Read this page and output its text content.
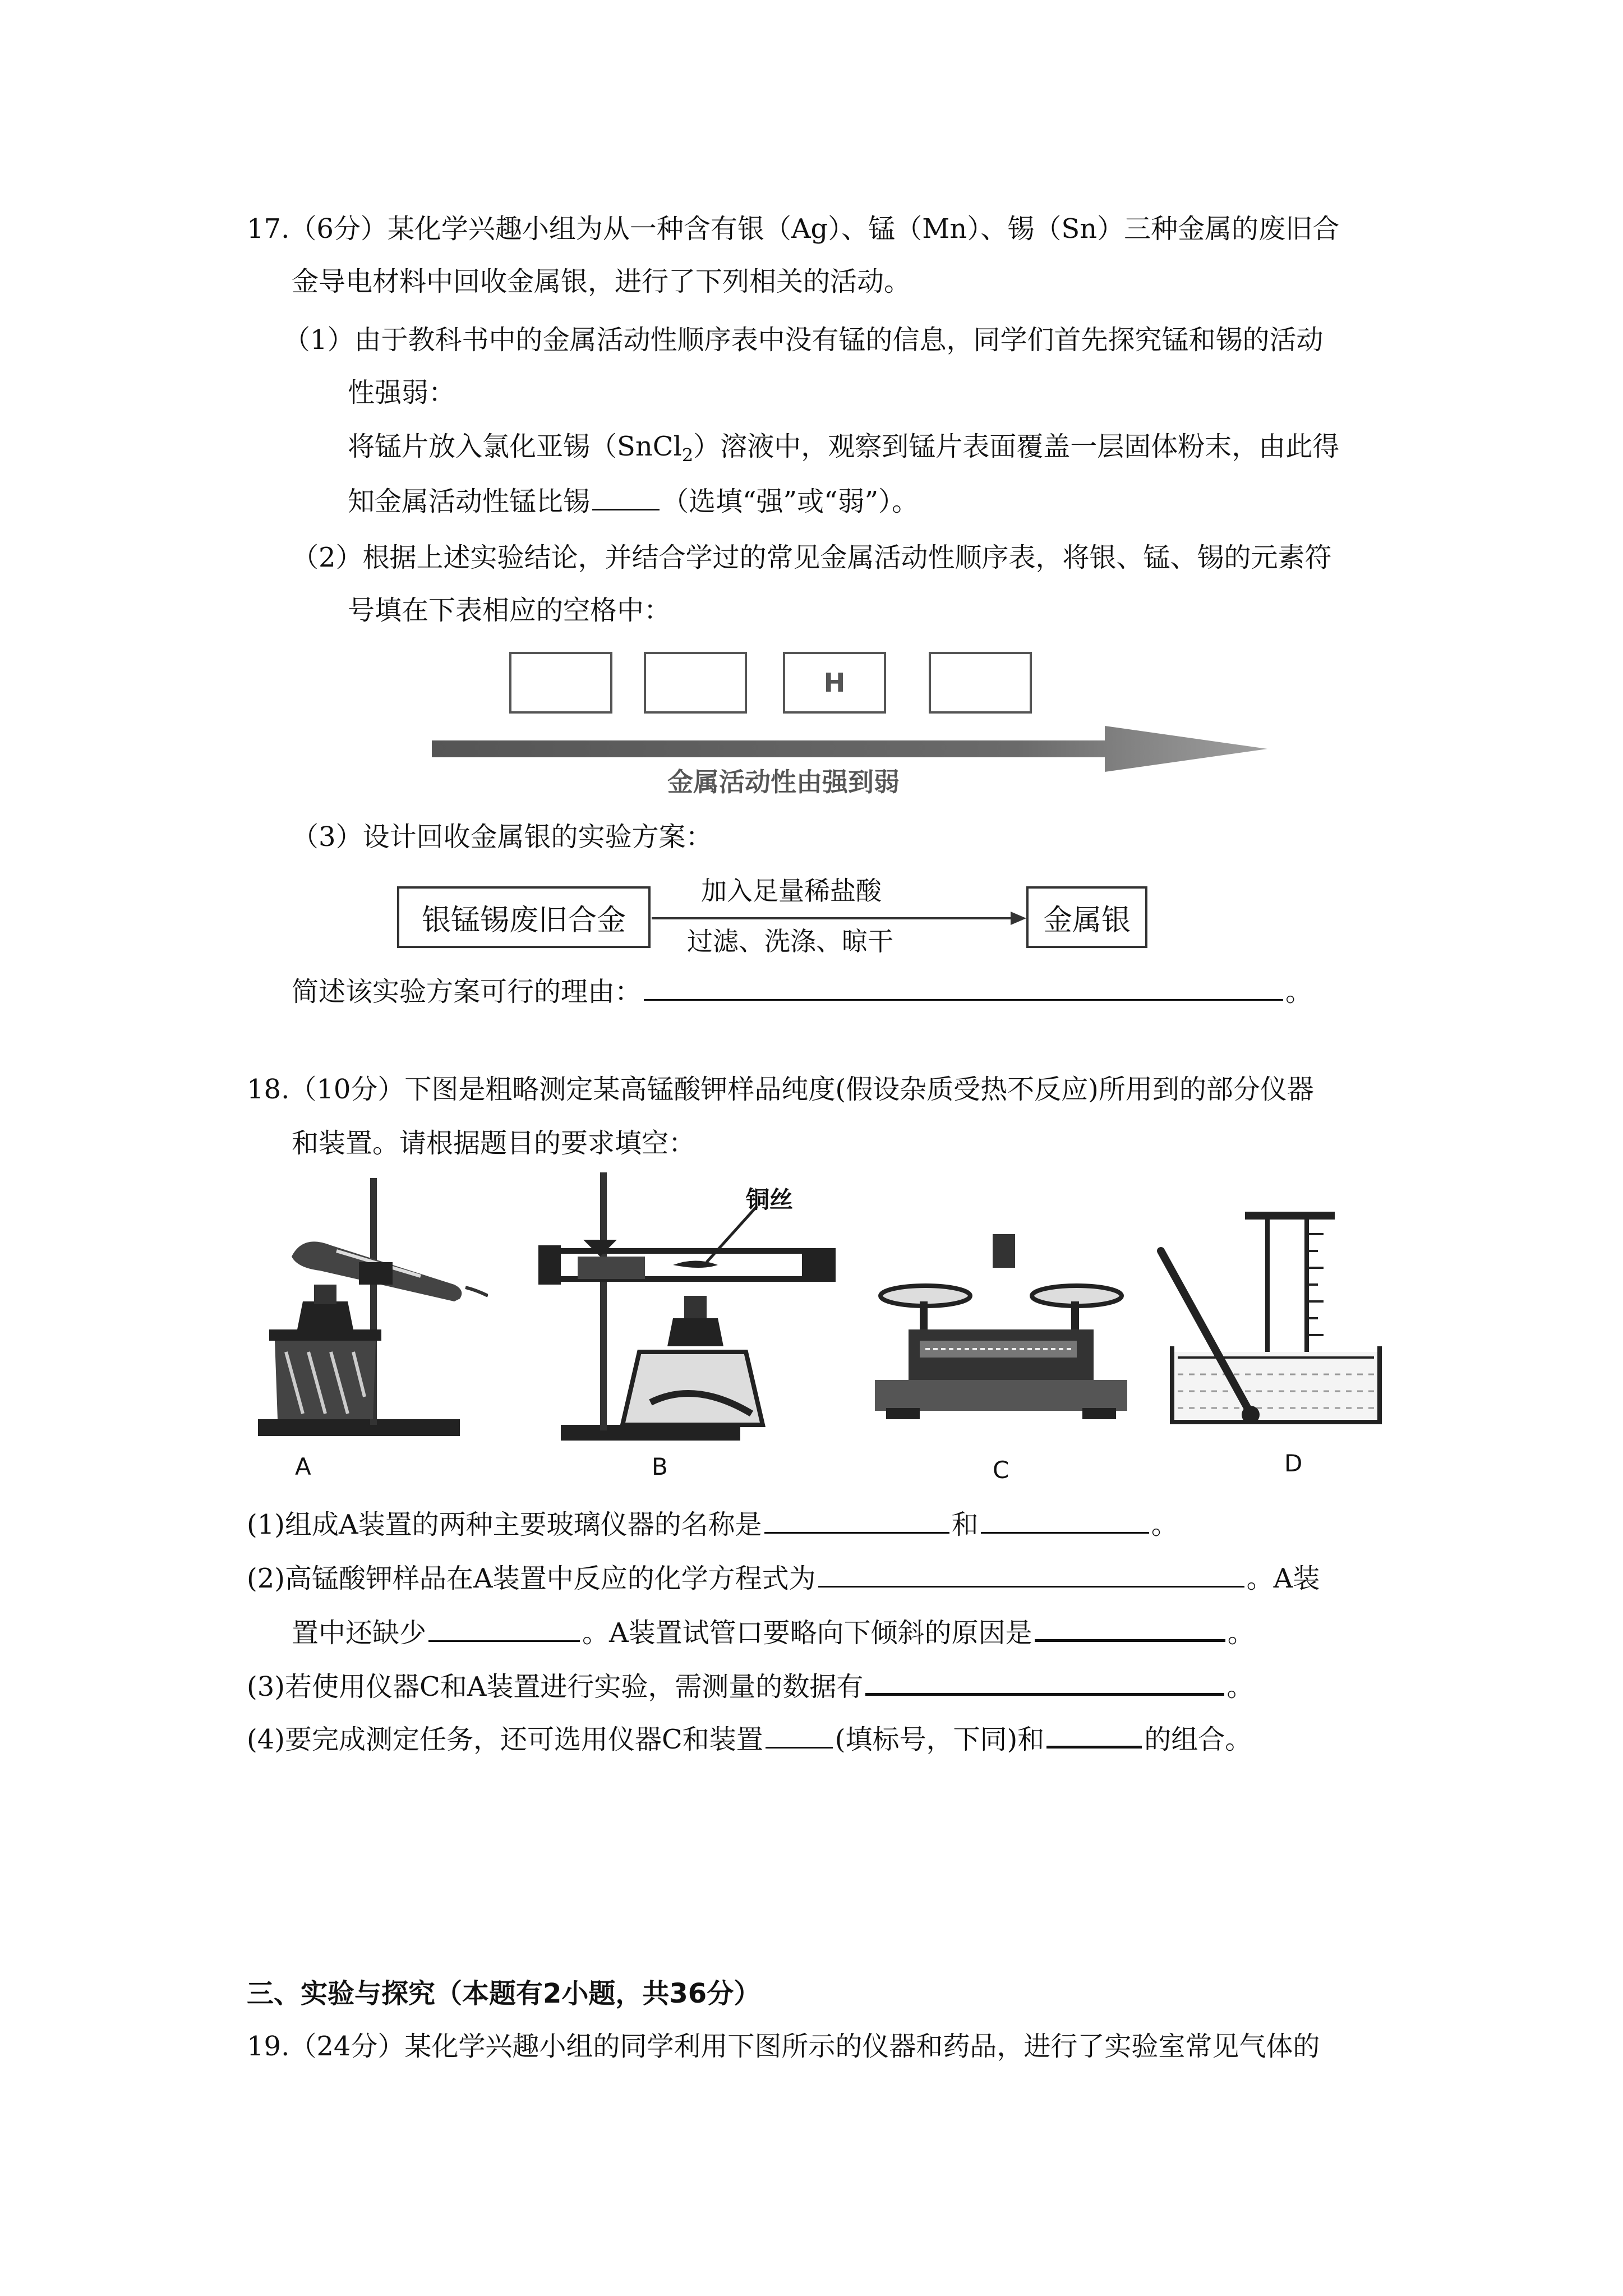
17.（6分）某化学兴趣小组为从一种含有银（Ag）、锰（Mn）、锡（Sn）三种金属的废旧合
金导电材料中回收金属银，进行了下列相关的活动。
（1）由于教科书中的金属活动性顺序表中没有锰的信息，同学们首先探究锰和锡的活动
性强弱：
将锰片放入氯化亚锡（SnCl$_2$）溶液中，观察到锰片表面覆盖一层固体粉末，由此得
知金属活动性锰比锡	（选填“强”或“弱”）。
（2）根据上述实验结论，并结合学过的常见金属活动性顺序表，将银、锰、锡的元素符
号填在下表相应的空格中：
H
金属活动性由强到弱
（3）设计回收金属银的实验方案：
银锰锡废旧合金
加入足量稀盐酸
过滤、洗涤、晾干
金属银
简述该实验方案可行的理由：	。
18.（10分）下图是粗略测定某高锰酸钾样品纯度(假设杂质受热不反应)所用到的部分仪器
和装置。请根据题目的要求填空：
铜丝
A	B	C	D
(1)组成A装置的两种主要玻璃仪器的名称是	和	。
(2)高锰酸钾样品在A装置中反应的化学方程式为	。A装
置中还缺少	。A装置试管口要略向下倾斜的原因是	。
(3)若使用仪器C和A装置进行实验，需测量的数据有	。
(4)要完成测定任务，还可选用仪器C和装置	(填标号，下同)和	的组合。
三、实验与探究（本题有2小题，共36分）
19.（24分）某化学兴趣小组的同学利用下图所示的仪器和药品，进行了实验室常见气体的
